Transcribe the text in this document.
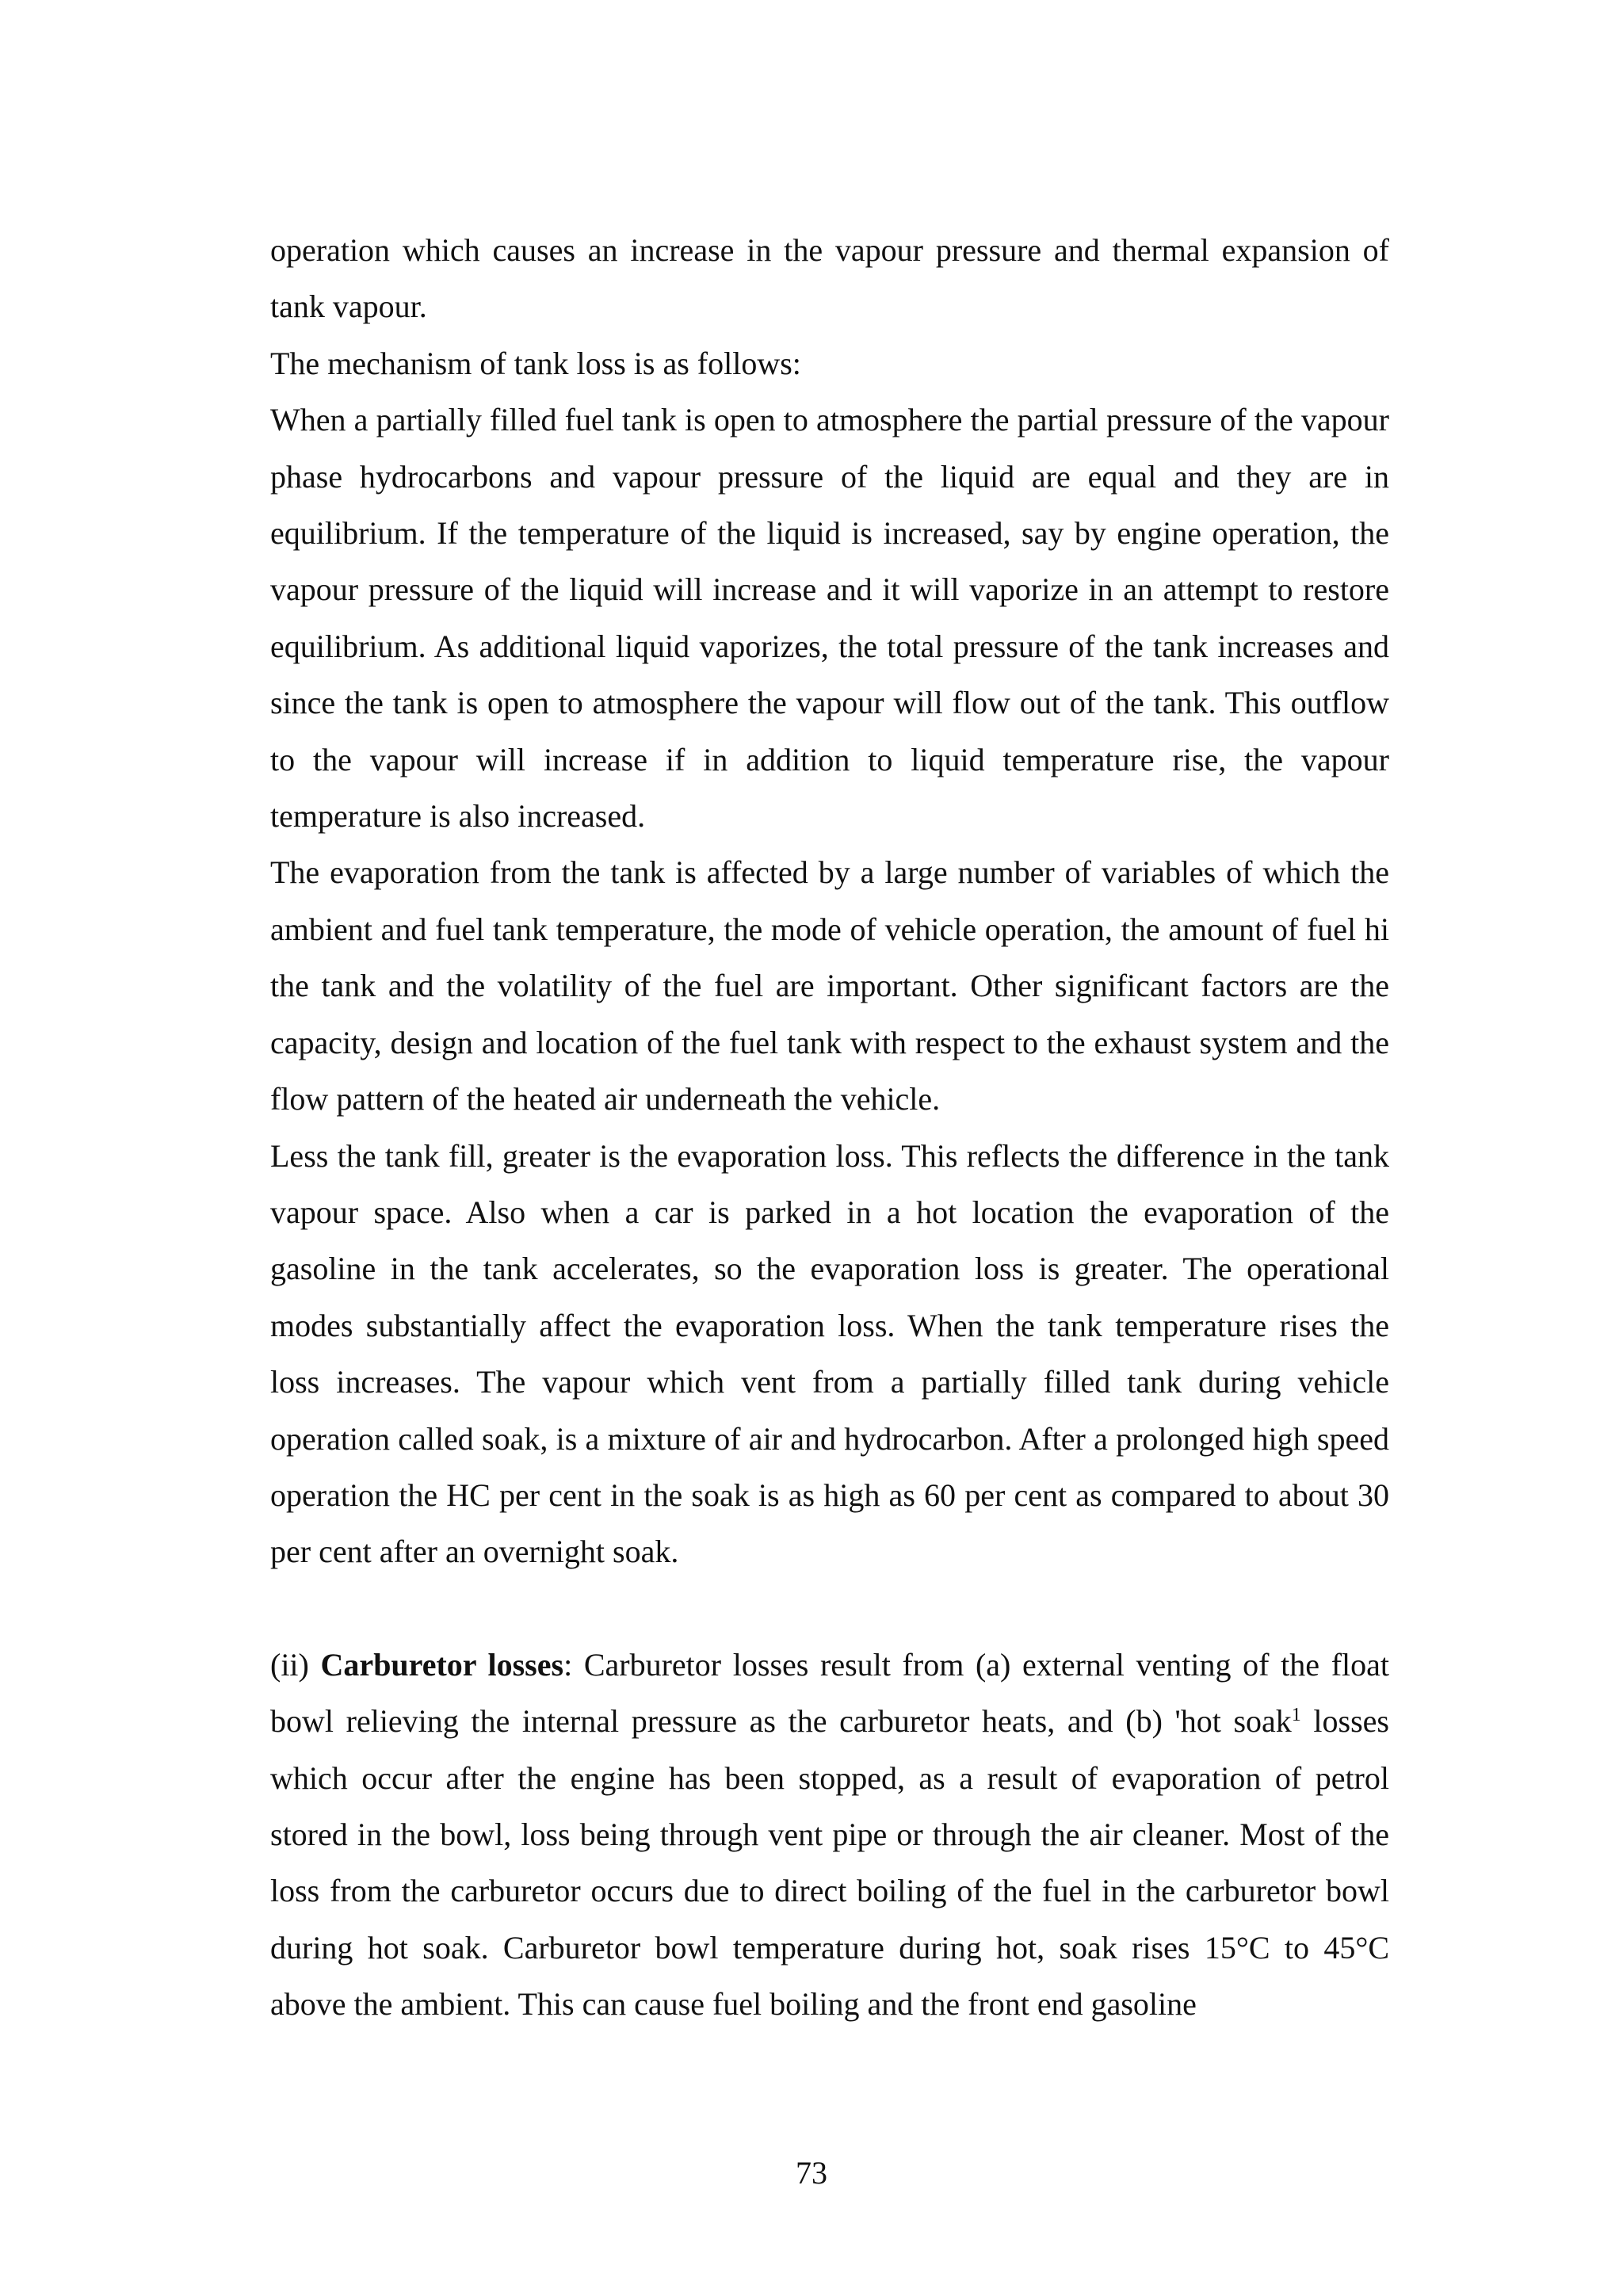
operation which causes an increase in the vapour pressure and thermal expansion of tank vapour.

The mechanism of tank loss is as follows:

When a partially filled fuel tank is open to atmosphere the partial pressure of the vapour phase hydrocarbons and vapour pressure of the liquid are equal and they are in equilibrium. If the temperature of the liquid is increased, say by engine operation, the vapour pressure of the liquid will increase and it will vaporize in an attempt to restore equilibrium. As additional liquid vaporizes, the total pressure of the tank increases and since the tank is open to atmosphere the vapour will flow out of the tank. This outflow to the vapour will increase if in addition to liquid temperature rise, the vapour temperature is also increased.

The evaporation from the tank is affected by a large number of variables of which the ambient and fuel tank temperature, the mode of vehicle operation, the amount of fuel hi the tank and the volatility of the fuel are important. Other significant factors are the capacity, design and location of the fuel tank with respect to the exhaust system and the flow pattern of the heated air underneath the vehicle.

Less the tank fill, greater is the evaporation loss. This reflects the difference in the tank vapour space. Also when a car is parked in a hot location the evaporation of the gasoline in the tank accelerates, so the evaporation loss is greater. The operational modes substantially affect the evaporation loss. When the tank temperature rises the loss increases. The vapour which vent from a partially filled tank during vehicle operation called soak, is a mixture of air and hydrocarbon. After a prolonged high speed operation the HC per cent in the soak is as high as 60 per cent as compared to about 30 per cent after an overnight soak.

(ii) Carburetor losses: Carburetor losses result from (a) external venting of the float bowl relieving the internal pressure as the carburetor heats, and (b) 'hot soak$^1$ losses which occur after the engine has been stopped, as a result of evaporation of petrol stored in the bowl, loss being through vent pipe or through the air cleaner. Most of the loss from the carburetor occurs due to direct boiling of the fuel in the carburetor bowl during hot soak. Carburetor bowl temperature during hot, soak rises 15°C to 45°C above the ambient. This can cause fuel boiling and the front end gasoline

73
